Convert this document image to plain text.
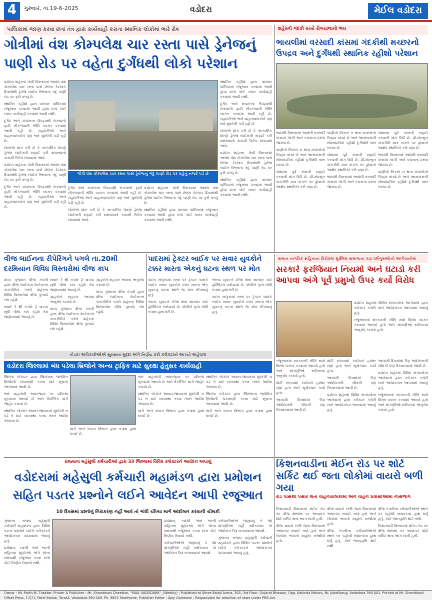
4	ગુરુવાર, તા.19-6-2025	વડોદરા	મેઈલ વડોદરા
પાલિકામાં જાણ કરવા છતાં તંત્ર દ્વારા કાર્યવાહી કરાતા સ્થાનિક લોકોમાં ભારે રોષ
ગોત્રીમાં વંશ કોમ્પલેક્ષ ચાર રસ્તા પાસે ડ્રેનેજનું પાણી રોડ પર વહેતા દુર્ગંધથી લોકો પરેશાન

વડોદરા શહેરના ગોત્રી વિસ્તારમાં આવેલ વંશ કોમ્પલેક્ષ ચાર રસ્તા પાસે છેલ્લા કેટલાક દિવસોથી ડ્રેનેજ લાઈન ઉભરાતા ગંદુ પાણી રોડ પર ફરી વળ્યું છે.

સ્થાનિક રહીશો દ્વારા વારંવાર પાલિકામાં રજૂઆત કરવામાં આવી હોવા છતાં કોઈ નક્કર કાર્યવાહી કરવામાં આવી નથી.

દુર્ગંધ અને મચ્છરના ઉપદ્રવથી રોગચાળો ફાટી નીકળવાની ભીતિ વ્યક્ત કરવામાં આવી રહી છે. રાહદારીઓ અને વાહનચાલકોને પણ ભારે મુશ્કેલી પડી રહી છે.

લોકોએ માંગ કરી છે કે તાત્કાલિક ધોરણે ડ્રેનેજ લાઈનની સફાઈ કરી સમસ્યાનો કાયમી ઉકેલ લાવવામાં આવે.

વડોદરા શહેરના ગોત્રી વિસ્તારમાં આવેલ વંશ કોમ્પલેક્ષ ચાર રસ્તા પાસે છેલ્લા કેટલાક દિવસોથી ડ્રેનેજ લાઈન ઉભરાતા ગંદુ પાણી રોડ પર ફરી વળ્યું છે.

દુર્ગંધ અને મચ્છરના ઉપદ્રવથી રોગચાળો ફાટી નીકળવાની ભીતિ વ્યક્ત કરવામાં આવી રહી છે. રાહદારીઓ અને વાહનચાલકોને પણ ભારે મુશ્કેલી પડી રહી છે.

ગોત્રી વંશ કોમ્પલેક્ષ ચાર રસ્તા પાસે ડ્રેનેજનું ગંદુ પાણી રોડ પર વહેતું નજરે પડે છે

સ્થાનિક રહીશો દ્વારા વારંવાર પાલિકામાં રજૂઆત કરવામાં આવી હોવા છતાં કોઈ નક્કર કાર્યવાહી કરવામાં આવી નથી.

દુર્ગંધ અને મચ્છરના ઉપદ્રવથી રોગચાળો ફાટી નીકળવાની ભીતિ વ્યક્ત કરવામાં આવી રહી છે. રાહદારીઓ અને વાહનચાલકોને પણ ભારે મુશ્કેલી પડી રહી છે.

લોકોએ માંગ કરી છે કે તાત્કાલિક ધોરણે ડ્રેનેજ લાઈનની સફાઈ કરી સમસ્યાનો કાયમી ઉકેલ લાવવામાં આવે.

વડોદરા શહેરના ગોત્રી વિસ્તારમાં આવેલ વંશ કોમ્પલેક્ષ ચાર રસ્તા પાસે છેલ્લા કેટલાક દિવસોથી ડ્રેનેજ લાઈન ઉભરાતા ગંદુ પાણી રોડ પર ફરી વળ્યું છે.

સ્થાનિક રહીશો દ્વારા વારંવાર પાલિકામાં રજૂઆત કરવામાં આવી હોવા છતાં કોઈ નક્કર કાર્યવાહી કરવામાં આવી નથી.

દુર્ગંધ અને મચ્છરના ઉપદ્રવથી રોગચાળો ફાટી નીકળવાની ભીતિ વ્યક્ત કરવામાં આવી રહી છે. રાહદારીઓ અને વાહનચાલકોને પણ ભારે મુશ્કેલી પડી રહી છે.

લોકોએ માંગ કરી છે કે તાત્કાલિક ધોરણે ડ્રેનેજ લાઈનની સફાઈ કરી સમસ્યાનો કાયમી ઉકેલ લાવવામાં આવે.

વડોદરા શહેરના ગોત્રી વિસ્તારમાં આવેલ વંશ કોમ્પલેક્ષ ચાર રસ્તા પાસે છેલ્લા કેટલાક દિવસોથી ડ્રેનેજ લાઈન ઉભરાતા ગંદુ પાણી રોડ પર ફરી વળ્યું છે.

સ્થાનિક રહીશો દ્વારા વારંવાર પાલિકામાં રજૂઆત કરવામાં આવી હોવા છતાં કોઈ નક્કર કાર્યવાહી કરવામાં આવી નથી.

શહેરની ગંદકી વચ્ચે રોગચાળાનો ભય
ભાયલીમાં વરસાદી કાંસમાં ગંદકીથી મચ્છરનો ઉપદ્રવ અને દુર્ગંધથી સ્થાનિક રહીશો પરેશાન

ભાયલી વિસ્તારમાં આવેલી વરસાદી કાંસમાં ગંદકી અને કચરાના ઢગલા જામ્યા છે.

પાણીનો નિકાલ ન થતા મચ્છરોનો ઉપદ્રવ વધ્યો છે અને આસપાસની સોસાયટીના રહીશો દુર્ગંધથી ત્રસ્ત બન્યા છે.

ચોમાસા પૂર્વે કાંસની સફાઈ કરવાની માંગ ઉઠી છે. પ્રી-મોન્સુન કામગીરી માત્ર કાગળ પર હોવાનો આક્ષેપ સ્થાનિકો કરી રહ્યા છે.

પાણીનો નિકાલ ન થતા મચ્છરોનો ઉપદ્રવ વધ્યો છે અને આસપાસની સોસાયટીના રહીશો દુર્ગંધથી ત્રસ્ત બન્યા છે.

ચોમાસા પૂર્વે કાંસની સફાઈ કરવાની માંગ ઉઠી છે. પ્રી-મોન્સુન કામગીરી માત્ર કાગળ પર હોવાનો આક્ષેપ સ્થાનિકો કરી રહ્યા છે.

ભાયલી વિસ્તારમાં આવેલી વરસાદી કાંસમાં ગંદકી અને કચરાના ઢગલા જામ્યા છે.

ચોમાસા પૂર્વે કાંસની સફાઈ કરવાની માંગ ઉઠી છે. પ્રી-મોન્સુન કામગીરી માત્ર કાગળ પર હોવાનો આક્ષેપ સ્થાનિકો કરી રહ્યા છે.

ભાયલી વિસ્તારમાં આવેલી વરસાદી કાંસમાં ગંદકી અને કચરાના ઢગલા જામ્યા છે.

પાણીનો નિકાલ ન થતા મચ્છરોનો ઉપદ્રવ વધ્યો છે અને આસપાસની સોસાયટીના રહીશો દુર્ગંધથી ત્રસ્ત બન્યા છે.

વીજ લાઈનના રીપેરિંગને પગલે તા.20મી દરમિયાન વિવિધ વિસ્તારોમાં વીજ કાપ

મધ્ય ગુજરાત વીજ કંપની દ્વારા વીજ લાઈનના મેન્ટેનન્સ કામગીરીને પગલે શહેરના વિવિધ વિસ્તારોમાં વીજ પુરવઠો બંધ રહેશે.

સવારે 7 થી બપોરે 2 વાગ્યા સુધી વીજ કાપ રહેશે તેમ જણાવવામાં આવ્યું છે.

સવારે 7 થી બપોરે 2 વાગ્યા સુધી વીજ કાપ રહેશે તેમ જણાવવામાં આવ્યું છે.

ગ્રાહકોને સહકાર આપવા અનુરોધ કરાયો છે.

મધ્ય ગુજરાત વીજ કંપની દ્વારા વીજ લાઈનના મેન્ટેનન્સ કામગીરીને પગલે શહેરના વિવિધ વિસ્તારોમાં વીજ પુરવઠો બંધ રહેશે.

ગ્રાહકોને સહકાર આપવા અનુરોધ કરાયો છે.

મધ્ય ગુજરાત વીજ કંપની દ્વારા વીજ લાઈનના મેન્ટેનન્સ કામગીરીને પગલે શહેરના વિવિધ વિસ્તારોમાં વીજ પુરવઠો બંધ રહેશે.

પાદરામાં ટ્રેક્ટર બાઈક પર સવાર યુવકોને ટક્કર મારતા એકનું ઘટના સ્થળ પર મોત

પાદરા તાલુકામાં રસ્તા પર ટ્રેક્ટર ચાલકે બાઈક સવાર યુવકોને ટક્કર મારતા એક યુવકનું ઘટના સ્થળે જ મોત નીપજ્યું હતું.

અન્ય યુવકને ઈજા થતા સારવાર માટે હોસ્પિટલ ખસેડાયો છે. પોલીસે ગુનો નોંધી તપાસ હાથ ધરી છે.

અન્ય યુવકને ઈજા થતા સારવાર માટે હોસ્પિટલ ખસેડાયો છે. પોલીસે ગુનો નોંધી તપાસ હાથ ધરી છે.

પાદરા તાલુકામાં રસ્તા પર ટ્રેક્ટર ચાલકે બાઈક સવાર યુવકોને ટક્કર મારતા એક યુવકનું ઘટના સ્થળે જ મોત નીપજ્યું હતું.

તોડકા અધિકારીઓએ સુરક્ષાના મુદ્દા અંગે નિર્ણય કરી કલેક્ટરને આપ્યો અહેવાલ
વડોદરા જિલ્લામાં બંધ પડેલા બ્રિજોને અન્ય ટ્રાફિક માટે સુરક્ષા હેતુસર કાર્યવાહી

જિલ્લા કલેક્ટર દ્વારા જિલ્લાના જર્જરિત બ્રિજોની ચકાસણી કરવા માટે સૂચના આપવામાં આવી છે.

ભારે વાહનોની અવરજવર પર પ્રતિબંધ મૂકવામાં આવ્યો છે અને વૈકલ્પિક માર્ગ જાહેર કરાયો છે.

સ્થાનિક લોકોને આવન-જાવનમાં મુશ્કેલી ન પડે તે માટે વ્યવસ્થા કરવા તંત્રને આદેશ અપાયા છે.

માર્ગ અને મકાન વિભાગ દ્વારા તપાસ હાથ ધરાઈ છે.

ભારે વાહનોની અવરજવર પર પ્રતિબંધ મૂકવામાં આવ્યો છે અને વૈકલ્પિક માર્ગ જાહેર કરાયો છે.

સ્થાનિક લોકોને આવન-જાવનમાં મુશ્કેલી ન પડે તે માટે વ્યવસ્થા કરવા તંત્રને આદેશ અપાયા છે.

માર્ગ અને મકાન વિભાગ દ્વારા તપાસ હાથ ધરાઈ છે.

સ્થાનિક લોકોને આવન-જાવનમાં મુશ્કેલી ન પડે તે માટે વ્યવસ્થા કરવા તંત્રને આદેશ અપાયા છે.

જિલ્લા કલેક્ટર દ્વારા જિલ્લાના જર્જરિત બ્રિજોની ચકાસણી કરવા માટે સૂચના આપવામાં આવી છે.

માર્ગ અને મકાન વિભાગ દ્વારા તપાસ હાથ ધરાઈ છે.

સમાન નાગરિક સંહિતાના વિરોધમાં મુસ્લિમ સમાજના ત્રણ ધર્મગુરુઓની આગેવાનીમાં
સરકારે ફરજિયાત નિયમો અને ઘટાડો કરી આપવા અંગે પૂર્વ પ્રમુખો ઉપર કર્યો વિરોધ

વડોદરા શહેરમાં વિવિધ સંગઠનોના આગેવાનો દ્વારા કલેક્ટર કચેરી ખાતે આવેદનપત્ર આપવામાં આવ્યું હતું.

રજૂઆતમાં સરકારની નીતિ સામે વિરોધ વ્યક્ત કરવામાં આવ્યો હતો અને માંગણીઓ સ્વીકારવા અનુરોધ કરાયો હતો.

રજૂઆતમાં સરકારની નીતિ સામે વિરોધ વ્યક્ત કરવામાં આવ્યો હતો અને માંગણીઓ સ્વીકારવા અનુરોધ કરાયો હતો.

મોટી સંખ્યામાં કાર્યકરો હાજર રહ્યા હતા અને સૂત્રોચ્ચાર કર્યા હતા.

આગામી દિવસોમાં ઉગ્ર આંદોલનની ચીમકી પણ ઉચ્ચારવામાં આવી છે.

મોટી સંખ્યામાં કાર્યકરો હાજર રહ્યા હતા અને સૂત્રોચ્ચાર કર્યા હતા.

આગામી દિવસોમાં ઉગ્ર આંદોલનની ચીમકી પણ ઉચ્ચારવામાં આવી છે.

વડોદરા શહેરમાં વિવિધ સંગઠનોના આગેવાનો દ્વારા કલેક્ટર કચેરી ખાતે આવેદનપત્ર આપવામાં આવ્યું હતું.

આગામી દિવસોમાં ઉગ્ર આંદોલનની ચીમકી પણ ઉચ્ચારવામાં આવી છે.

વડોદરા શહેરમાં વિવિધ સંગઠનોના આગેવાનો દ્વારા કલેક્ટર કચેરી ખાતે આવેદનપત્ર આપવામાં આવ્યું હતું.

રજૂઆતમાં સરકારની નીતિ સામે વિરોધ વ્યક્ત કરવામાં આવ્યો હતો અને માંગણીઓ સ્વીકારવા અનુરોધ કરાયો હતો.

રાજ્યના મહેસુલી કર્મચારીઓ દ્વારા 33 જિલ્લામાં વિવિધ કલેક્ટરને આવેદન અપાયું
વડોદરામાં મહેસુલી કર્મચારી મહામંડળ દ્વારા પ્રમોશન સહિત પડતર પ્રશ્નોને લઈને આવેદન આપી રજૂઆત
10 દિવસમાં પ્રશ્નોનું નિરાકરણ નહીં આવે તો ગાંધી ચીંધ્યા માર્ગે આંદોલન કરવાની ચીમકી

ગુજરાત રાજ્ય મહેસુલી કર્મચારી મહામંડળ દ્વારા વિવિધ પડતર પ્રશ્નોને લઈને કલેક્ટરને આવેદનપત્ર પાઠવવામાં આવ્યું હતું.

પ્રમોશન, બદલી અને ભરતી સહિતના મુદ્દાઓ અંગે લાંબા સમયથી રજૂઆત કરવા છતાં કોઈ નિર્ણય લેવાયો નથી.

પ્રમોશન, બદલી અને ભરતી સહિતના મુદ્દાઓ અંગે લાંબા સમયથી રજૂઆત કરવા છતાં કોઈ નિર્ણય લેવાયો નથી.

કર્મચારીઓએ જણાવ્યું કે જો માંગણીઓ નહીં સ્વીકારાય તો આંદોલન ઉગ્ર બનાવવામાં આવશે.

કર્મચારીઓએ જણાવ્યું કે જો માંગણીઓ નહીં સ્વીકારાય તો આંદોલન ઉગ્ર બનાવવામાં આવશે.

ગુજરાત રાજ્ય મહેસુલી કર્મચારી મહામંડળ દ્વારા વિવિધ પડતર પ્રશ્નોને લઈને કલેક્ટરને આવેદનપત્ર પાઠવવામાં આવ્યું હતું.

કિશનવાડીના મેઈન રોડ પર શોર્ટ સર્કિટ થઈ જતા લોકોમાં વાયરો બળી ગયા
રોડ પાસેથી પસાર થતા વાહનચાલકોમાં અને વાહન પ્રવાસીઓમાં નાસભાગ

કિશનવાડી વિસ્તારમાં મેઈન રોડ પર વીજ થાંભલા પર અચાનક શોર્ટ સર્કિટ થતા આગ લાગી હતી.

વીજ વાયરો બળી જતા વિસ્તારમાં અંધારપટ છવાઈ ગયો હતો અને લોકોમાં ભયનો માહોલ સર્જાયો હતો.

વીજ વાયરો બળી જતા વિસ્તારમાં અંધારપટ છવાઈ ગયો હતો અને લોકોમાં ભયનો માહોલ સર્જાયો હતો.

વીજ કંપનીના કર્મચારીઓએ સ્થળ પર પહોંચી સમારકામ હાથ ધર્યું હતું. કોઈ જાનહાનિ થઈ નથી.

વીજ કંપનીના કર્મચારીઓએ સ્થળ પર પહોંચી સમારકામ હાથ ધર્યું હતું. કોઈ જાનહાનિ થઈ નથી.

કિશનવાડી વિસ્તારમાં મેઈન રોડ પર વીજ થાંભલા પર અચાનક શોર્ટ સર્કિટ થતા આગ લાગી હતી.

Owner : Mr. Parth M. Thakker. Printer & Publisher : Mr. Shambhavi Dheetkar, "MAIL VADODARA", (Weekly) ; Published at Shree Balaji Arena, 305, 3rd Floor, Gujarat Bhawan, Opp. Kakinda Motors, Nr. Jubellbaug, Vadodara-390 001. Printed at Mr. Shambhavi Offset Press, 17/71, Patel Estate, Tarsali, Vadodara-390 009. Ph. 9825 TakeHome, Publisher Editor : Ajay Gomewar - Responsible for selection of news under PRB Act.
